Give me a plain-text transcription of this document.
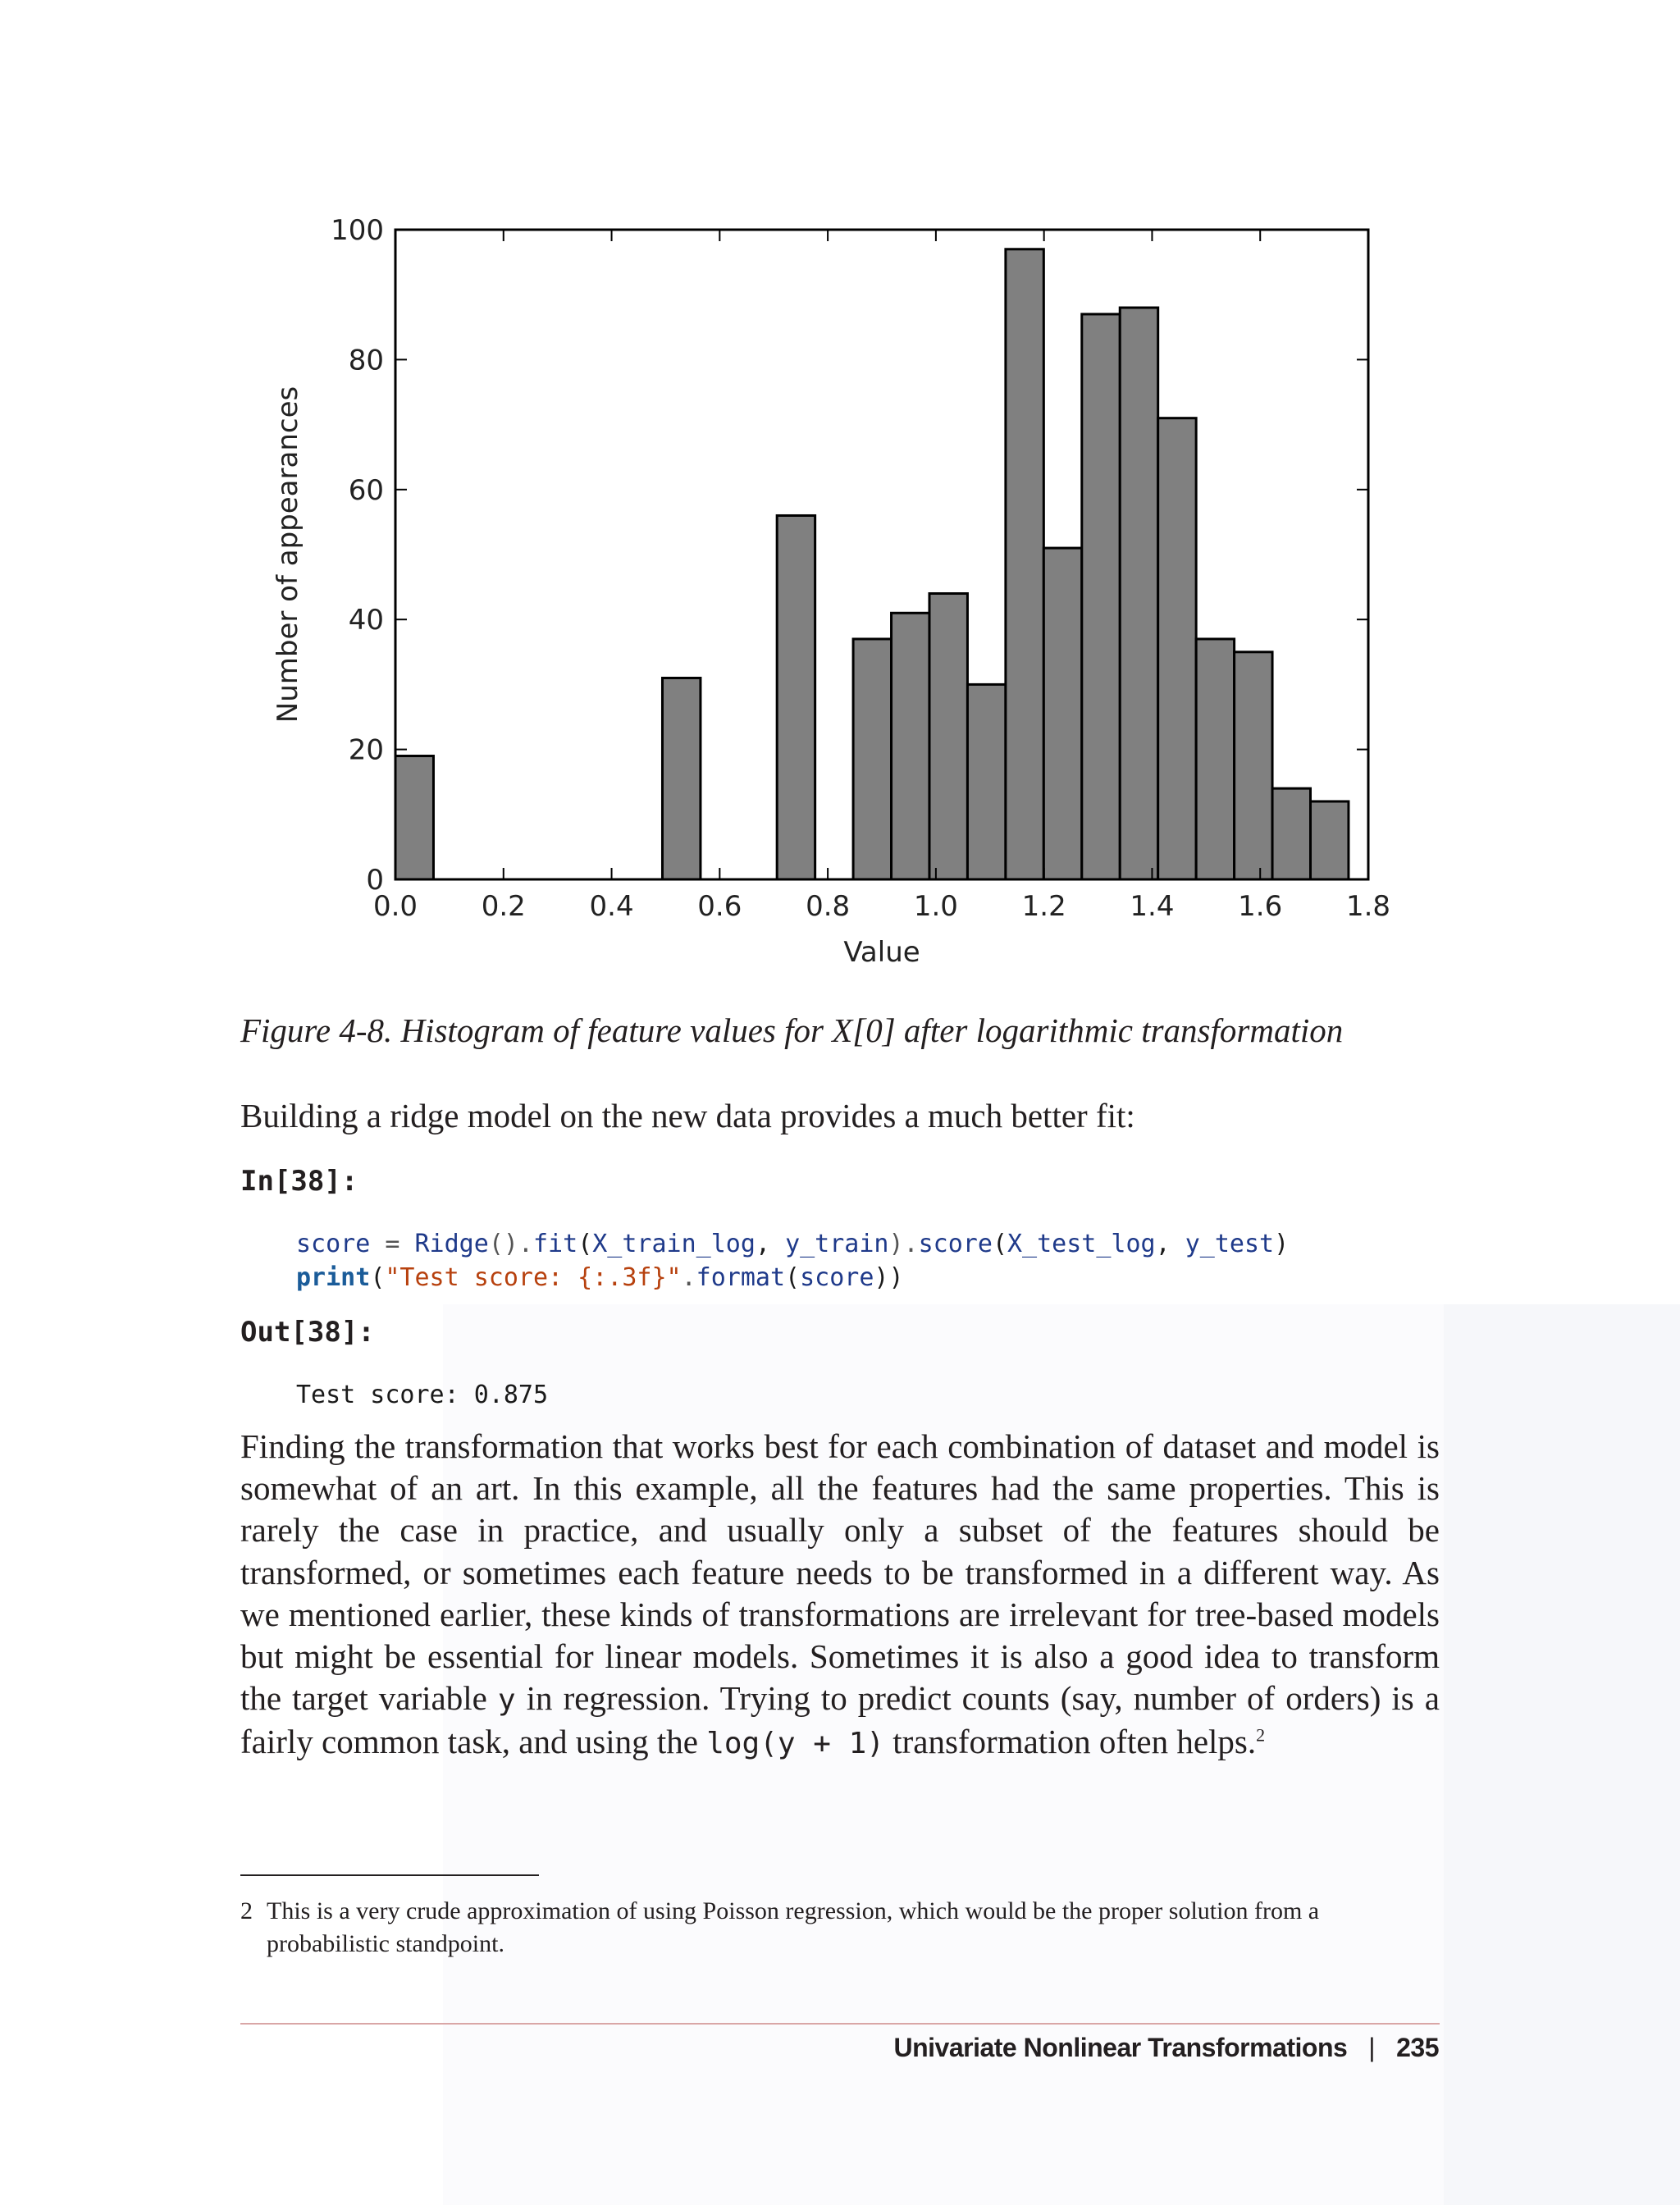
0.0 0.2 0.4 0.6 0.8 1.0 1.2 1.4 1.6 1.8
0
20
40
60
80
100
Value
Number of appearances

Figure 4-8. Histogram of feature values for X[0] after logarithmic transformation

Building a ridge model on the new data provides a much better fit:

In[38]:
score = Ridge().fit(X_train_log, y_train).score(X_test_log, y_test)
print("Test score: {:.3f}".format(score))
Out[38]:
Test score: 0.875

Finding the transformation that works best for each combination of dataset and model is somewhat of an art. In this example, all the features had the same properties. This is rarely the case in practice, and usually only a subset of the features should be transformed, or sometimes each feature needs to be transformed in a different way. As we mentioned earlier, these kinds of transformations are irrelevant for tree-based models but might be essential for linear models. Sometimes it is also a good idea to transform the target variable y in regression. Trying to predict counts (say, number of orders) is a fairly common task, and using the log(y + 1) transformation often helps.$^2$

2 This is a very crude approximation of using Poisson regression, which would be the proper solution from a probabilistic standpoint.

Univariate Nonlinear Transformations | 235
